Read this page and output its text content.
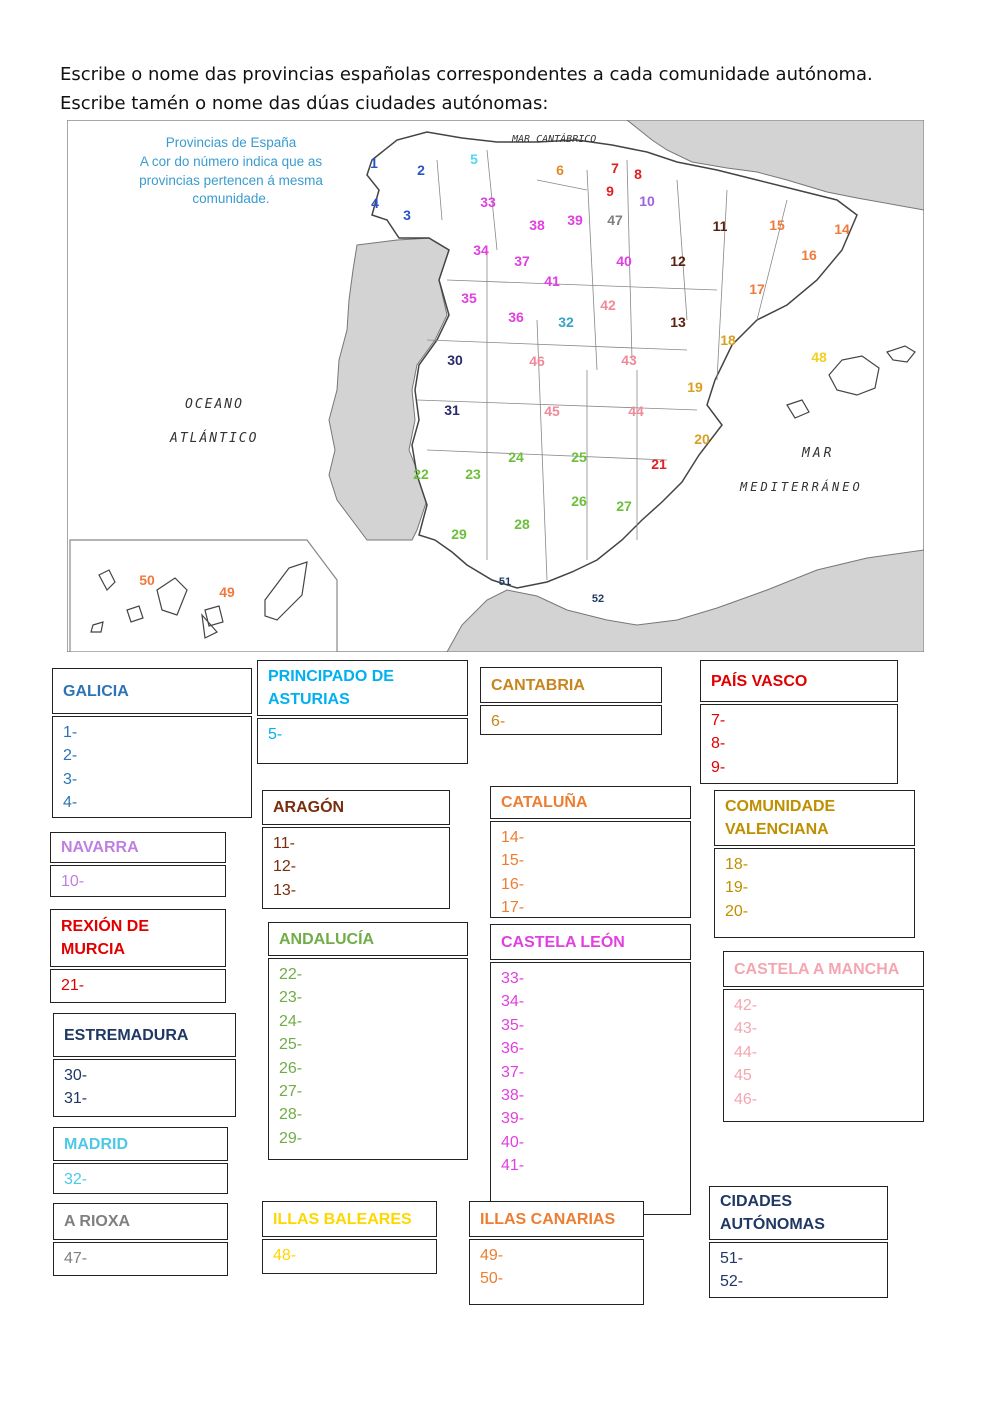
Escribe o nome das provincias españolas correspondentes a cada comunidade autónoma.
Escribe tamén o nome das dúas ciudades autónomas:
Provincias de España
A cor do número indica que as
provincias pertencen á mesma
comunidade.
MAR CANTÁBRICO
OCEANO
ATLÁNTICO
MAR
MEDITERRÁNEO
1	2
3
4
5
6	7 8
9
10
11
12
13
14
15
16
17
18
19
20
21
22	23
24	25
26 27
28
29
30
31
32
33
34
35
36
37
38 39
40
41
42
43
44
45
46
47
48
49
50	51
52
GALICIA
1-
2-
3-
4-
PRINCIPADO DE ASTURIAS
5-
CANTABRIA
6-
PAÍS VASCO
7-
8-
9-
NAVARRA
10-
ARAGÓN
11-
12-
13-
CATALUÑA
14-
15-
16-
17-
COMUNIDADE VALENCIANA
18-
19-
20-
REXIÓN DE MURCIA
21-
ANDALUCÍA
22-
23-
24-
25-
26-
27-
28-
29-
CASTELA LEÓN
33-
34-
35-
36-
37-
38-
39-
40-
41-
CASTELA A MANCHA
42-
43-
44-
45
46-
ESTREMADURA
30-
31-
MADRID
32-
A RIOXA
47-
ILLAS BALEARES
48-
ILLAS CANARIAS
49-
50-
CIDADES AUTÓNOMAS
51-
52-
